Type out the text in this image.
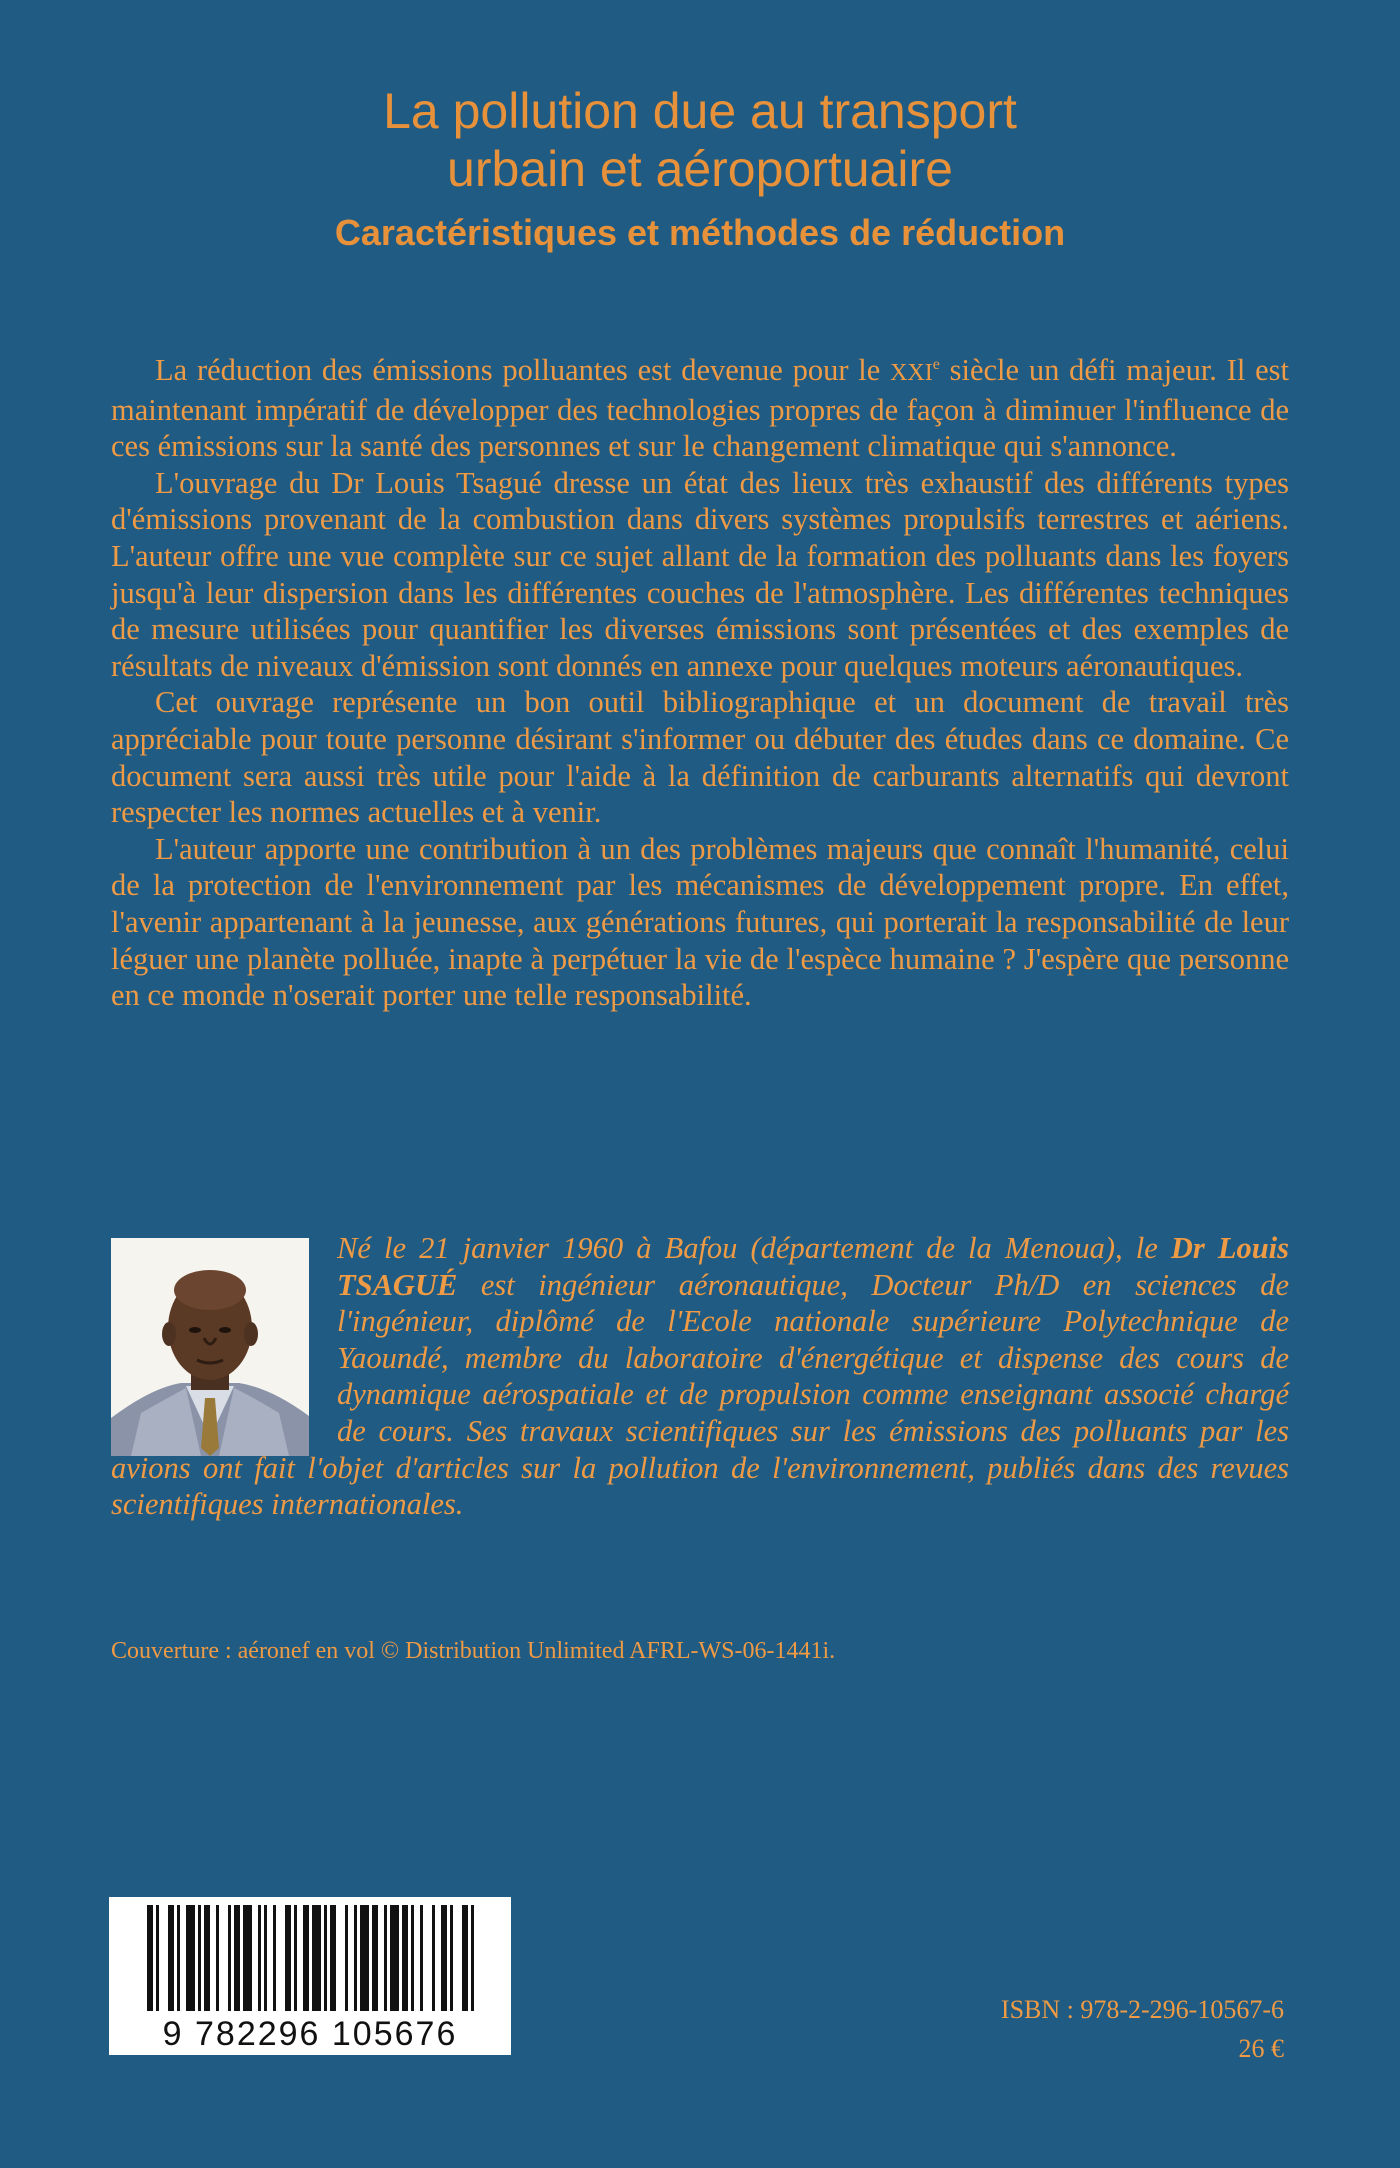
La pollution due au transport
urbain et aéroportuaire
Caractéristiques et méthodes de réduction

La réduction des émissions polluantes est devenue pour le XXIe siècle un défi majeur. Il est maintenant impératif de développer des technologies propres de façon à diminuer l'influence de ces émissions sur la santé des personnes et sur le changement climatique qui s'annonce.

L'ouvrage du Dr Louis Tsagué dresse un état des lieux très exhaustif des différents types d'émissions provenant de la combustion dans divers systèmes propulsifs terrestres et aériens. L'auteur offre une vue complète sur ce sujet allant de la formation des polluants dans les foyers jusqu'à leur dispersion dans les différentes couches de l'atmosphère. Les différentes techniques de mesure utilisées pour quantifier les diverses émissions sont présentées et des exemples de résultats de niveaux d'émission sont donnés en annexe pour quelques moteurs aéronautiques.

Cet ouvrage représente un bon outil bibliographique et un document de travail très appréciable pour toute personne désirant s'informer ou débuter des études dans ce domaine. Ce document sera aussi très utile pour l'aide à la définition de carburants alternatifs qui devront respecter les normes actuelles et à venir.

L'auteur apporte une contribution à un des problèmes majeurs que connaît l'humanité, celui de la protection de l'environnement par les mécanismes de développement propre. En effet, l'avenir appartenant à la jeunesse, aux générations futures, qui porterait la responsabilité de leur léguer une planète polluée, inapte à perpétuer la vie de l'espèce humaine ? J'espère que personne en ce monde n'oserait porter une telle responsabilité.

Né le 21 janvier 1960 à Bafou (département de la Menoua), le Dr Louis TSAGUÉ est ingénieur aéronautique, Docteur Ph/D en sciences de l'ingénieur, diplômé de l'Ecole nationale supérieure Polytechnique de Yaoundé, membre du laboratoire d'énergétique et dispense des cours de dynamique aérospatiale et de propulsion comme enseignant associé chargé de cours. Ses travaux scientifiques sur les émissions des polluants par les avions ont fait l'objet d'articles sur la pollution de l'environnement, publiés dans des revues scientifiques internationales.
Couverture : aéronef en vol © Distribution Unlimited AFRL-WS-06-1441i.
9 782296 105676
ISBN : 978-2-296-10567-6
26 €
